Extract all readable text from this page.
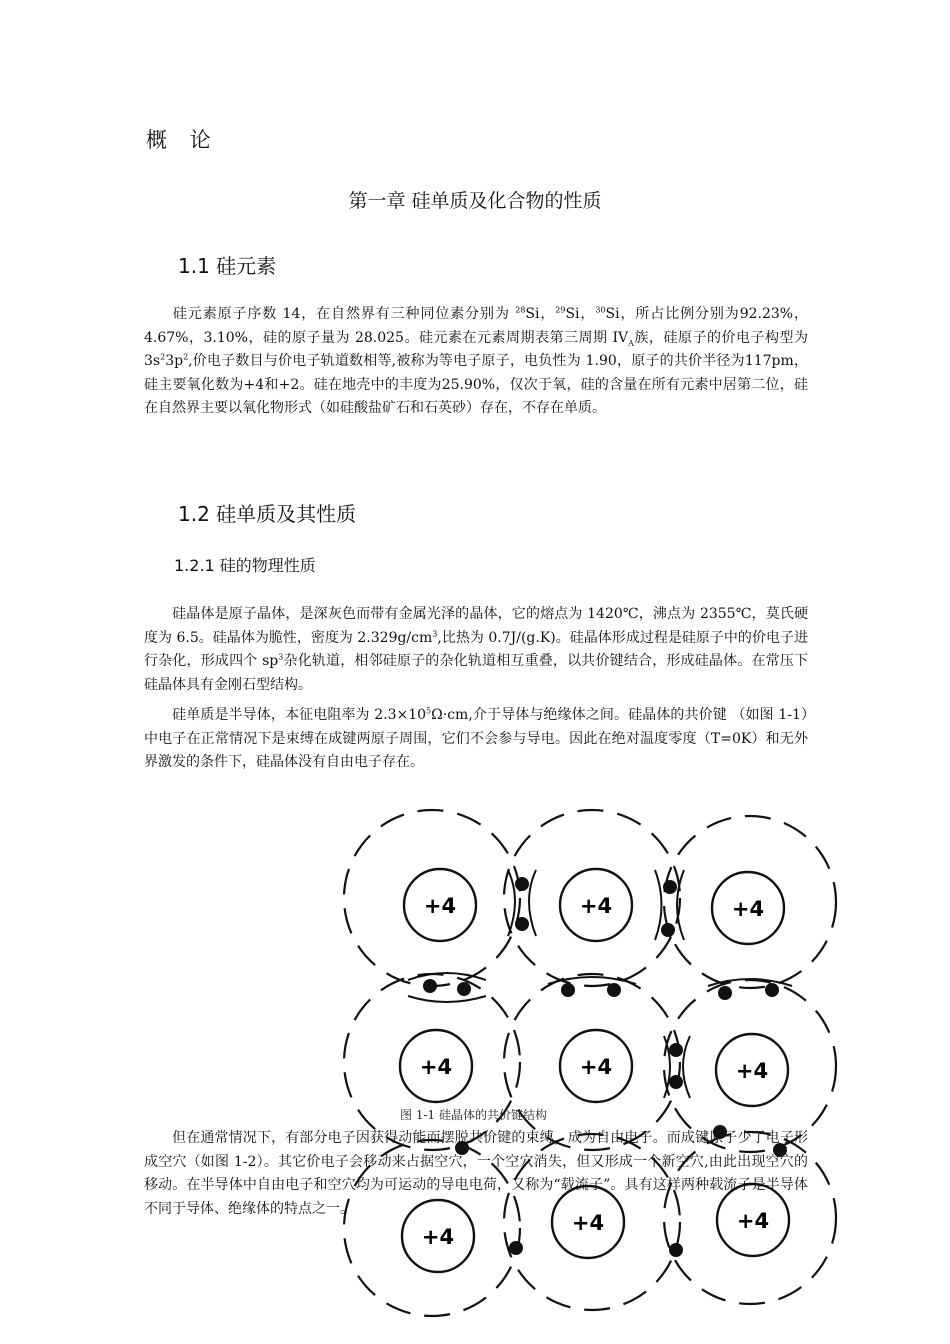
概 论
第一章 硅单质及化合物的性质
1.1 硅元素
硅元素原子序数 14，在自然界有三种同位素分别为 $^{28}$Si，$^{29}$Si，$^{30}$Si，所占比例分别为92.23%，4.67%，3.10%，硅的原子量为 28.025。硅元素在元素周期表第三周期 $IV_A$族，硅原子的价电子构型为 $3s^23p^2$,价电子数目与价电子轨道数相等,被称为等电子原子，电负性为 1.90，原子的共价半径为117pm，硅主要氧化数为+4和+2。硅在地壳中的丰度为25.90%，仅次于氧，硅的含量在所有元素中居第二位，硅在自然界主要以氧化物形式（如硅酸盐矿石和石英砂）存在，不存在单质。
1.2 硅单质及其性质
1.2.1 硅的物理性质
硅晶体是原子晶体，是深灰色而带有金属光泽的晶体，它的熔点为 1420℃，沸点为 2355℃，莫氏硬度为 6.5。硅晶体为脆性，密度为 $2.329g/cm^3$,比热为 0.7J/(g.K)。硅晶体形成过程是硅原子中的价电子进行杂化，形成四个 $sp^3$杂化轨道，相邻硅原子的杂化轨道相互重叠，以共价键结合，形成硅晶体。在常压下硅晶体具有金刚石型结构。
硅单质是半导体，本征电阻率为 $2.3\times 10^5\Omega\cdot cm$,介于导体与绝缘体之间。硅晶体的共价键 （如图 1-1）中电子在正常情况下是束缚在成键两原子周围，它们不会参与导电。因此在绝对温度零度（T=0K）和无外界激发的条件下，硅晶体没有自由电子存在。
+4	+4	+4
+4	+4	+4
+4
+4	+4
图 1-1 硅晶体的共价键结构
但在通常情况下，有部分电子因获得动能而摆脱共价键的束缚，成为自由电子。而成键原子少了电子形成空穴（如图 1-2）。其它价电子会移动来占据空穴，一个空穴消失，但又形成一个新空穴,由此出现空穴的移动。在半导体中自由电子和空穴均为可运动的导电电荷，又称为“载流子”。具有这样两种载流子是半导体不同于导体、绝缘体的特点之一。
